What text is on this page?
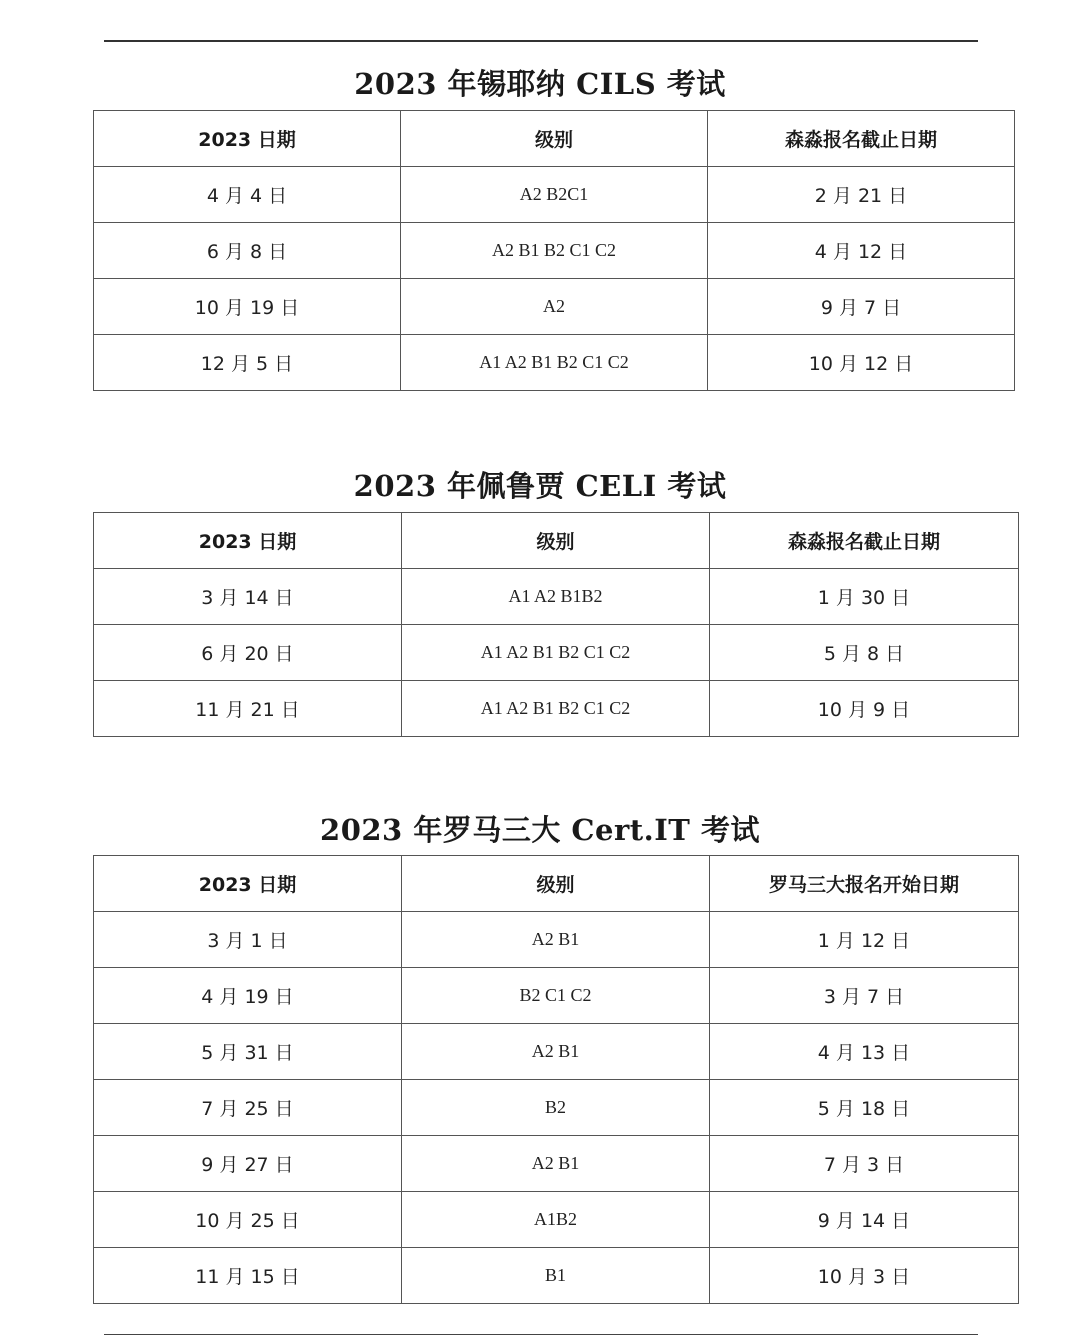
2023 年锡耶纳 CILS 考试
2023 日期	级别	森淼报名截止日期
4 月 4 日	A2 B2C1	2 月 21 日
6 月 8 日	A2 B1 B2 C1 C2	4 月 12 日
10 月 19 日	A2	9 月 7 日
12 月 5 日	A1 A2 B1 B2 C1 C2	10 月 12 日
2023 年佩鲁贾 CELI 考试
2023 日期	级别	森淼报名截止日期
3 月 14 日	A1 A2 B1B2	1 月 30 日
6 月 20 日	A1 A2 B1 B2 C1 C2	5 月 8 日
11 月 21 日	A1 A2 B1 B2 C1 C2	10 月 9 日
2023 年罗马三大 Cert.IT 考试
2023 日期	级别	罗马三大报名开始日期
3 月 1 日	A2 B1	1 月 12 日
4 月 19 日	B2 C1 C2	3 月 7 日
5 月 31 日	A2 B1	4 月 13 日
7 月 25 日	B2	5 月 18 日
9 月 27 日	A2 B1	7 月 3 日
10 月 25 日	A1B2	9 月 14 日
11 月 15 日	B1	10 月 3 日
